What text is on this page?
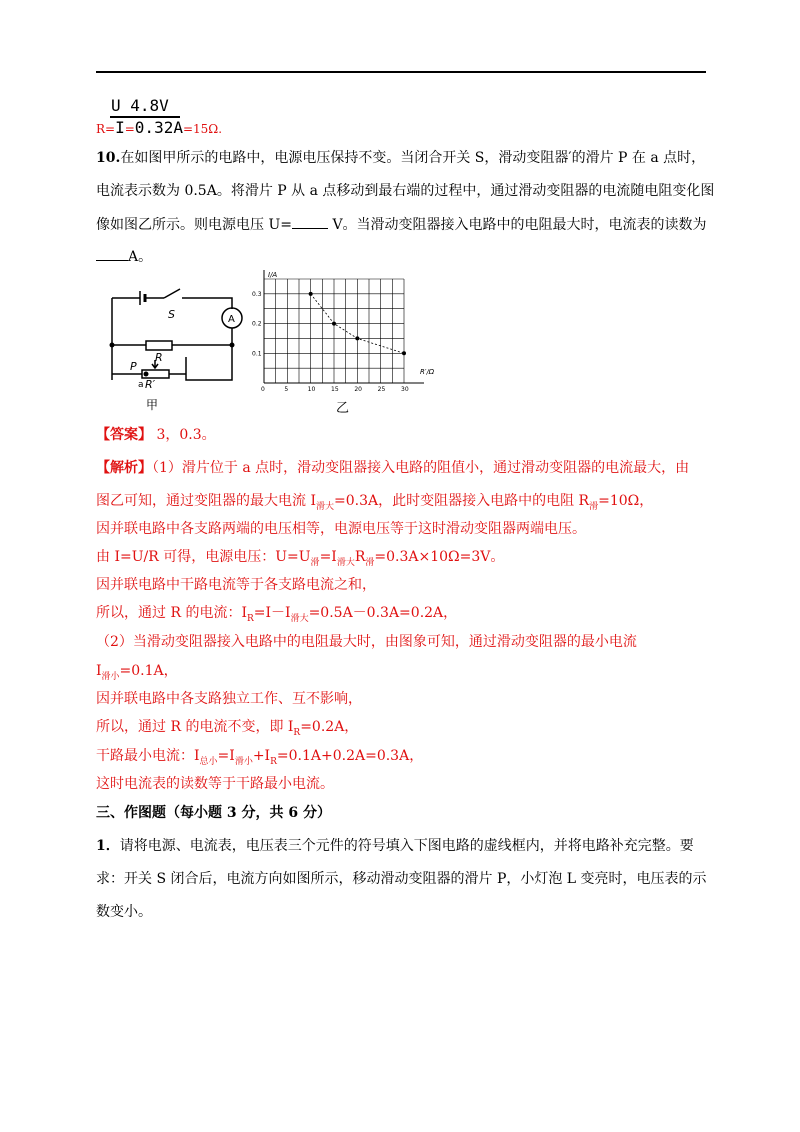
U 4.8V
R=I=0.32A=15Ω.
10.在如图甲所示的电路中，电源电压保持不变。当闭合开关 S，滑动变阻器′的滑片 P 在 a 点时，
电流表示数为 0.5A。将滑片 P 从 a 点移动到最右端的过程中，通过滑动变阻器的电流随电阻变化图
像如图乙所示。则电源电压 U=	V。当滑动变阻器接入电路中的电阻最大时，电流表的读数为
A。
S	A
R
P
a R′
甲
0	5	10	15	20	25	30
0.1
0.2
0.3
I/A
R′/Ω
乙
【答案】 3，0.3。
【解析】（1）滑片位于 a 点时，滑动变阻器接入电路的阻值小，通过滑动变阻器的电流最大，由
图乙可知，通过变阻器的最大电流 $I_{滑大}=0.3A$，此时变阻器接入电路中的电阻 $R_滑=10\Omega$，
因并联电路中各支路两端的电压相等，电源电压等于这时滑动变阻器两端电压。
由 I=U/R 可得，电源电压：$U=U_滑=I_{滑大}R_滑=0.3A\times 10\Omega=3V$。
因并联电路中干路电流等于各支路电流之和，
所以，通过 R 的电流：$I_R=I-I_{滑大}=0.5A-0.3A=0.2A$，
（2）当滑动变阻器接入电路中的电阻最大时，由图象可知，通过滑动变阻器的最小电流
$I_{滑小}=0.1A$，
因并联电路中各支路独立工作、互不影响，
所以，通过 R 的电流不变，即 $I_R=0.2A$，
干路最小电流：$I_{总小}=I_{滑小}+I_R=0.1A+0.2A=0.3A$，
这时电流表的读数等于干路最小电流。
三、作图题（每小题 3 分，共 6 分）
1．请将电源、电流表，电压表三个元件的符号填入下图电路的虚线框内，并将电路补充完整。要
求：开关 S 闭合后，电流方向如图所示，移动滑动变阻器的滑片 P，小灯泡 L 变亮时，电压表的示
数变小。
